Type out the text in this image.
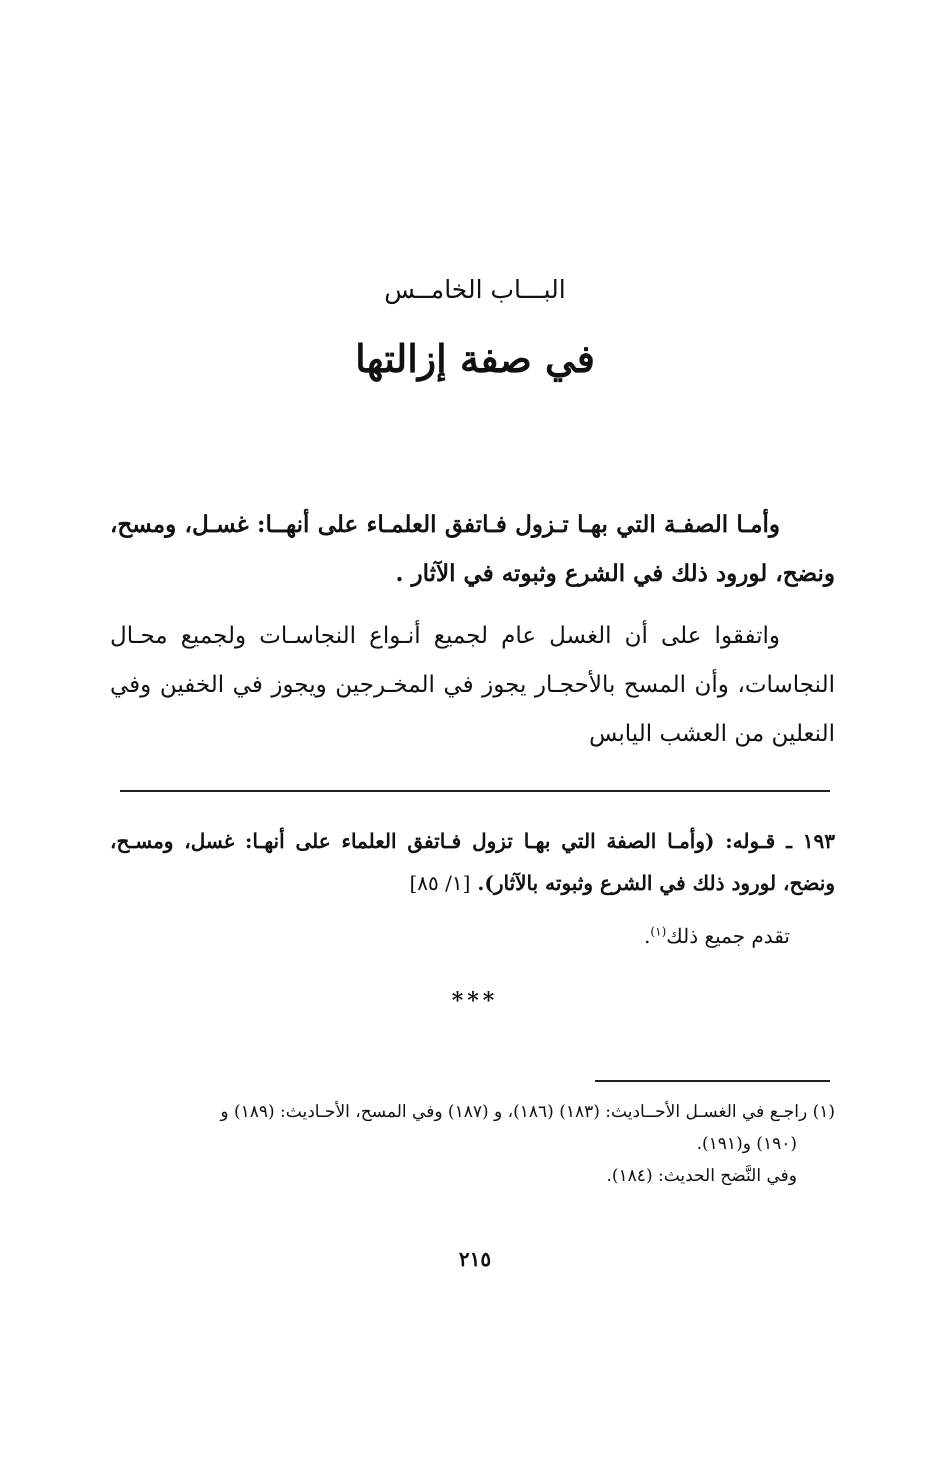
البـــاب الخامــس
في صفة إزالتها

وأمـا الصفـة التي بهـا تـزول فـاتفق العلمـاء على أنهــا: غسـل، ومسح، ونضح، لورود ذلك في الشرع وثبوته في الآثار .

واتفقوا على أن الغسل عام لجميع أنـواع النجاسـات ولجميع محـال النجاسات، وأن المسح بالأحجـار يجوز في المخـرجين ويجوز في الخفين وفي النعلين من العشب اليابس

١٩٣ ـ قـوله: (وأمـا الصفة التي بهـا تزول فـاتفق العلماء على أنهـا: غسل، ومسـح، ونضح، لورود ذلك في الشرع وثبوته بالآثار). [١/ ٨٥]

تقدم جميع ذلك$^{(١)}$.
***
(١) راجـع في الغسـل الأحــاديث: (١٨٣) (١٨٦)، و (١٨٧) وفي المسح، الأحـاديث: (١٨٩) و
(١٩٠) و(١٩١).
وفي النَّضح الحديث: (١٨٤).
٢١٥
